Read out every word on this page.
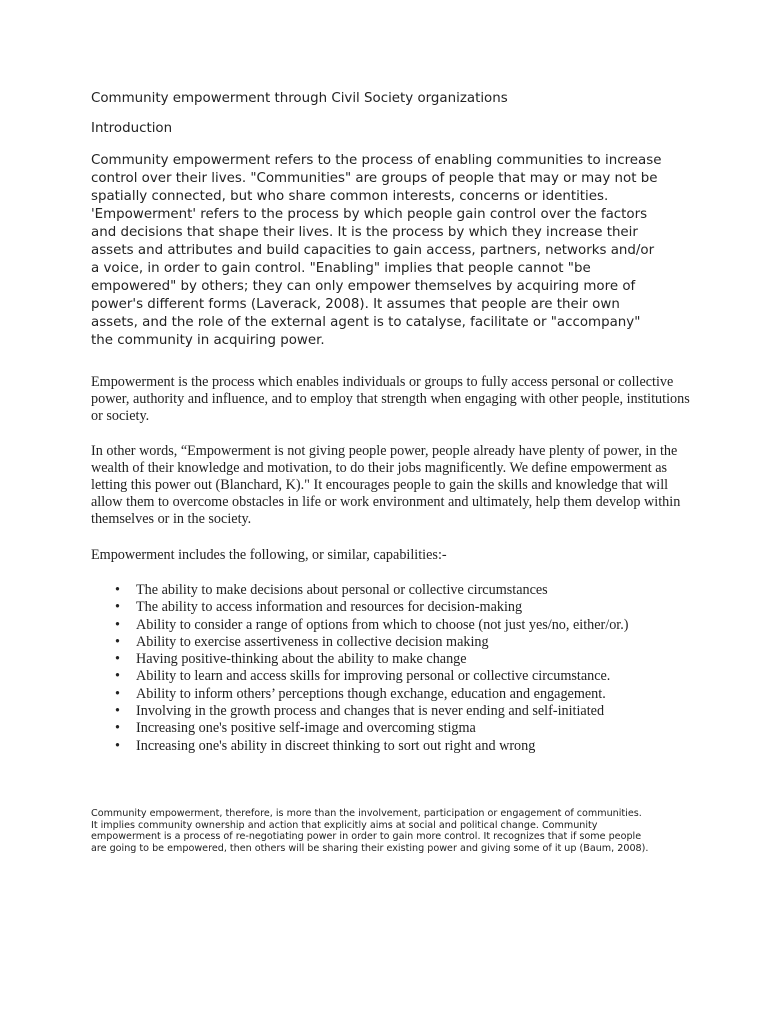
Community empowerment through Civil Society organizations

Introduction

Community empowerment refers to the process of enabling communities to increase control over their lives. "Communities" are groups of people that may or may not be spatially connected, but who share common interests, concerns or identities. 'Empowerment' refers to the process by which people gain control over the factors and decisions that shape their lives. It is the process by which they increase their assets and attributes and build capacities to gain access, partners, networks and/or a voice, in order to gain control. "Enabling" implies that people cannot "be empowered" by others; they can only empower themselves by acquiring more of power's different forms (Laverack, 2008). It assumes that people are their own assets, and the role of the external agent is to catalyse, facilitate or "accompany" the community in acquiring power.

Empowerment is the process which enables individuals or groups to fully access personal or collective power, authority and influence, and to employ that strength when engaging with other people, institutions or society.

In other words, “Empowerment is not giving people power, people already have plenty of power, in the wealth of their knowledge and motivation, to do their jobs magnificently. We define empowerment as letting this power out (Blanchard, K)." It encourages people to gain the skills and knowledge that will allow them to overcome obstacles in life or work environment and ultimately, help them develop within themselves or in the society.

Empowerment includes the following, or similar, capabilities:-

• The ability to make decisions about personal or collective circumstances
• The ability to access information and resources for decision-making
• Ability to consider a range of options from which to choose (not just yes/no, either/or.)
• Ability to exercise assertiveness in collective decision making
• Having positive-thinking about the ability to make change
• Ability to learn and access skills for improving personal or collective circumstance.
• Ability to inform others’ perceptions though exchange, education and engagement.
• Involving in the growth process and changes that is never ending and self-initiated
• Increasing one's positive self-image and overcoming stigma
• Increasing one's ability in discreet thinking to sort out right and wrong

Community empowerment, therefore, is more than the involvement, participation or engagement of communities. It implies community ownership and action that explicitly aims at social and political change. Community empowerment is a process of re-negotiating power in order to gain more control. It recognizes that if some people are going to be empowered, then others will be sharing their existing power and giving some of it up (Baum, 2008).
